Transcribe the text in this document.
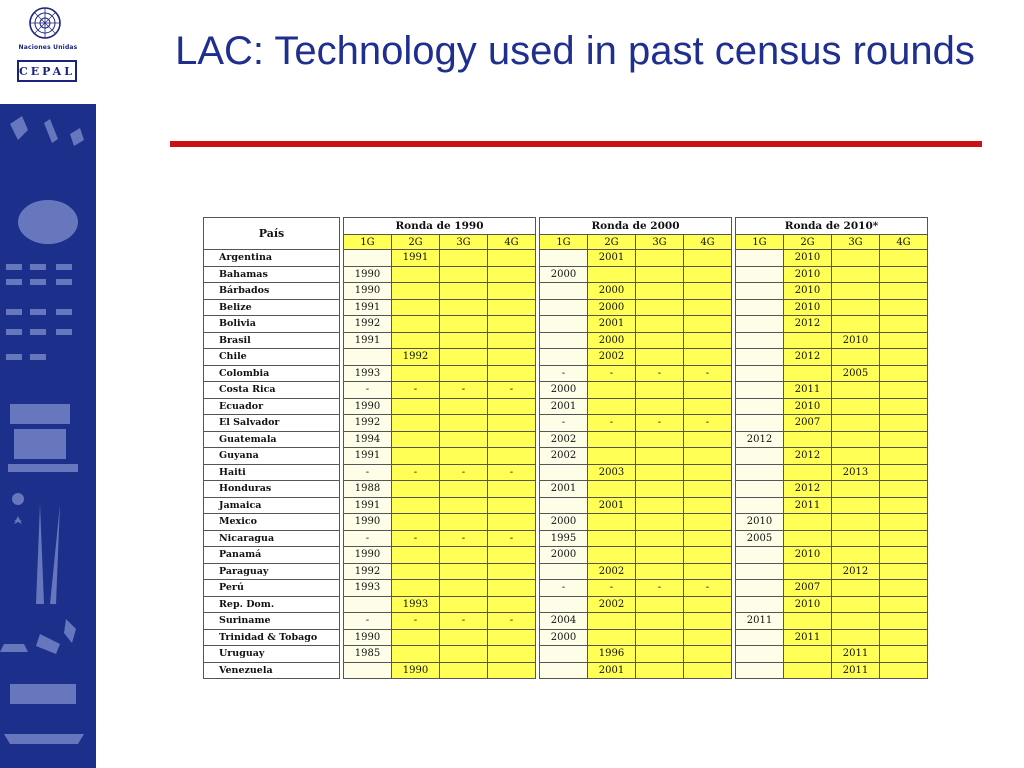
Naciones Unidas
CEPAL	LAC: Technology used in past census rounds
País		Ronda de 1990					Ronda de 2000					Ronda de 2010*			
		1G	2G	3G	4G		1G	2G	3G	4G		1G	2G	3G	4G
Argentina			1991					2001					2010		
Bahamas		1990					2000						2010		
Bárbados		1990						2000					2010		
Belize		1991						2000					2010		
Bolivia		1992						2001					2012		
Brasil		1991						2000						2010	
Chile			1992					2002					2012		
Colombia		1993					-	-	-	-				2005	
Costa Rica		-	-	-	-		2000						2011		
Ecuador		1990					2001						2010		
El Salvador		1992					-	-	-	-			2007		
Guatemala		1994					2002					2012			
Guyana		1991					2002						2012		
Haiti		-	-	-	-			2003						2013	
Honduras		1988					2001						2012		
Jamaica		1991						2001					2011		
Mexico		1990					2000					2010			
Nicaragua		-	-	-	-		1995					2005			
Panamá		1990					2000						2010		
Paraguay		1992						2002						2012	
Perú		1993					-	-	-	-			2007		
Rep. Dom.			1993					2002					2010		
Suriname		-	-	-	-		2004					2011			
Trinidad & Tobago		1990					2000						2011		
Uruguay		1985						1996						2011	
Venezuela			1990					2001						2011	
